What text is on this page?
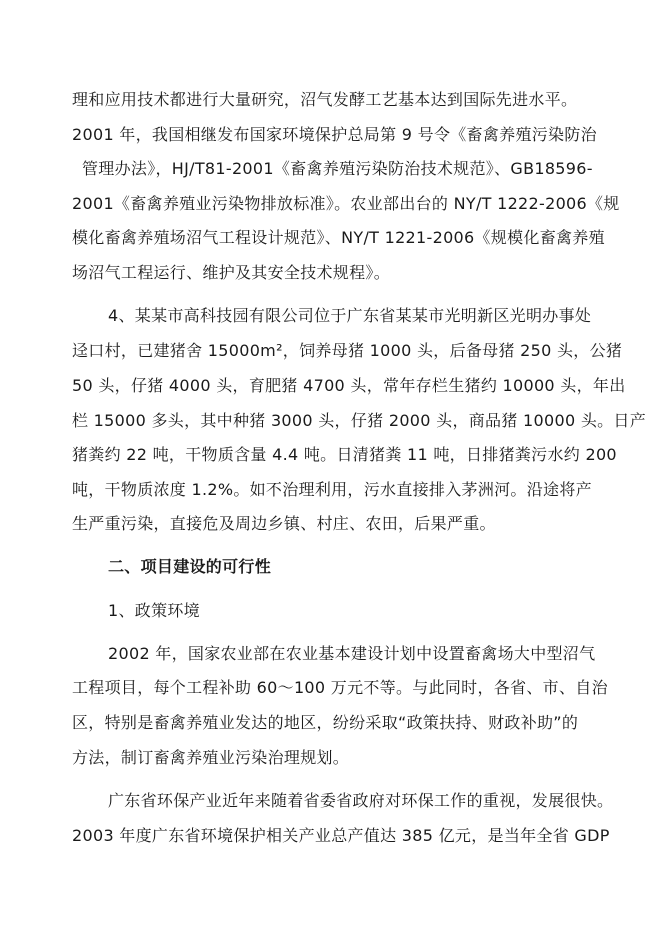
理和应用技术都进行大量研究，沼气发酵工艺基本达到国际先进水平。
2001 年，我国相继发布国家环境保护总局第 9 号令《畜禽养殖污染防治
管理办法》，HJ/T81-2001《畜禽养殖污染防治技术规范》、GB18596-
2001《畜禽养殖业污染物排放标准》。农业部出台的 NY/T 1222-2006《规
模化畜禽养殖场沼气工程设计规范》、NY/T 1221-2006《规模化畜禽养殖
场沼气工程运行、维护及其安全技术规程》。
4、某某市高科技园有限公司位于广东省某某市光明新区光明办事处
迳口村，已建猪舍 15000m²，饲养母猪 1000 头，后备母猪 250 头，公猪
50 头，仔猪 4000 头，育肥猪 4700 头，常年存栏生猪约 10000 头，年出
栏 15000 多头，其中种猪 3000 头，仔猪 2000 头，商品猪 10000 头。日产
猪粪约 22 吨，干物质含量 4.4 吨。日清猪粪 11 吨，日排猪粪污水约 200
吨，干物质浓度 1.2%。如不治理利用，污水直接排入茅洲河。沿途将产
生严重污染，直接危及周边乡镇、村庄、农田，后果严重。
二、项目建设的可行性
1、政策环境
2002 年，国家农业部在农业基本建设计划中设置畜禽场大中型沼气
工程项目，每个工程补助 60～100 万元不等。与此同时，各省、市、自治
区，特别是畜禽养殖业发达的地区，纷纷采取“政策扶持、财政补助”的
方法，制订畜禽养殖业污染治理规划。
广东省环保产业近年来随着省委省政府对环保工作的重视，发展很快。
2003 年度广东省环境保护相关产业总产值达 385 亿元，是当年全省 GDP
